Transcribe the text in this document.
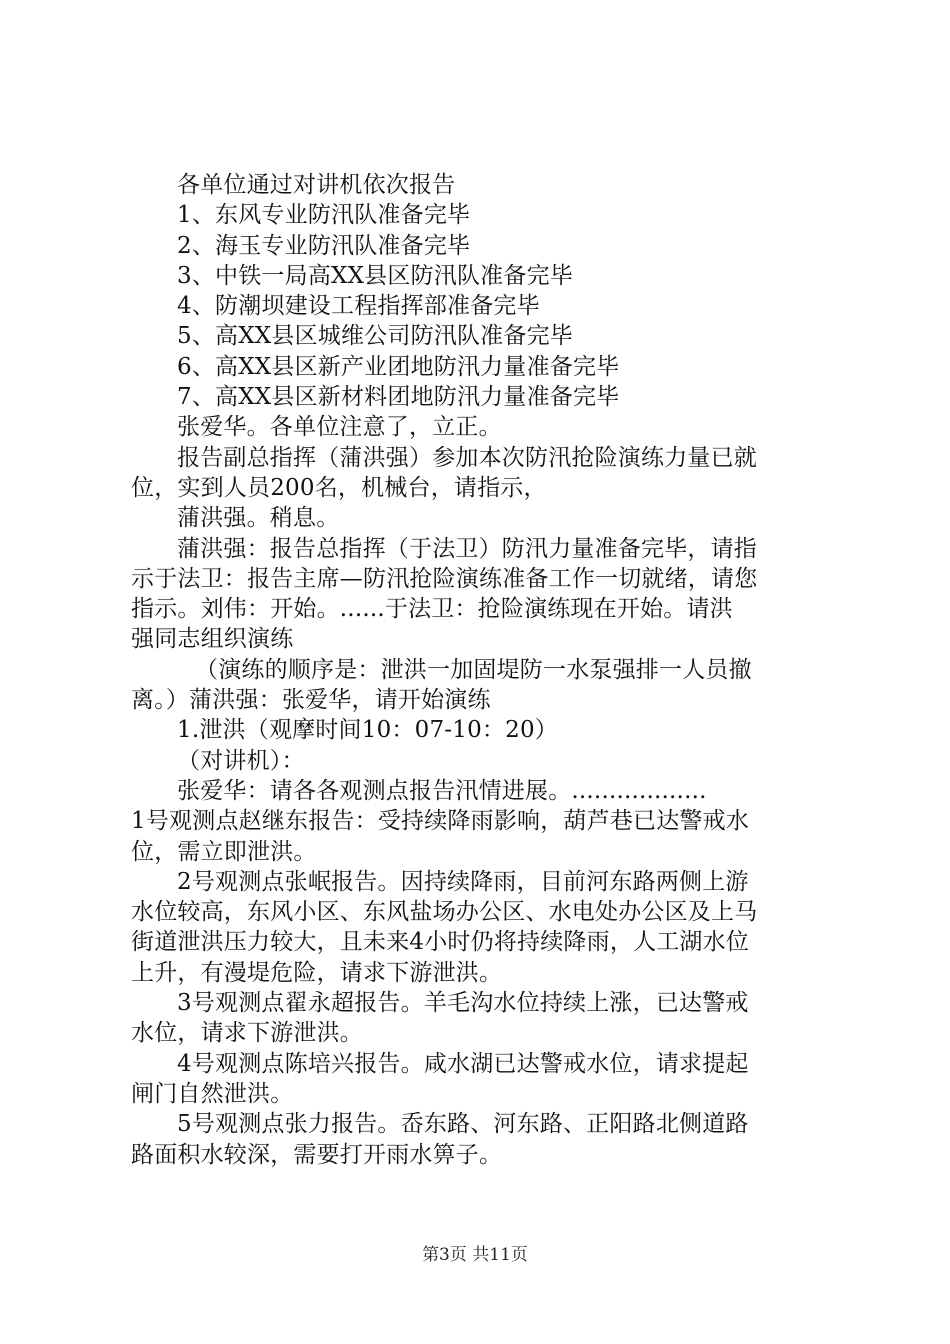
各单位通过对讲机依次报告

1、东风专业防汛队准备完毕

2、海玉专业防汛队准备完毕

3、中铁一局高XX县区防汛队准备完毕

4、防潮坝建设工程指挥部准备完毕

5、高XX县区城维公司防汛队准备完毕

6、高XX县区新产业团地防汛力量准备完毕

7、高XX县区新材料团地防汛力量准备完毕

张爱华。各单位注意了，立正。

报告副总指挥（蒲洪强）参加本次防汛抢险演练力量已就

位，实到人员200名，机械台，请指示，

蒲洪强。稍息。

蒲洪强：报告总指挥（于法卫）防汛力量准备完毕，请指

示于法卫：报告主席—防汛抢险演练准备工作一切就绪，请您

指示。刘伟：开始。......于法卫：抢险演练现在开始。请洪

强同志组织演练

（演练的顺序是：泄洪一加固堤防一水泵强排一人员撤

离。）蒲洪强：张爱华，请开始演练

1.泄洪（观摩时间10：07-10：20）

（对讲机）：

张爱华：请各各观测点报告汛情进展。..................

1号观测点赵继东报告：受持续降雨影响，葫芦巷已达警戒水

位，需立即泄洪。

2号观测点张岷报告。因持续降雨，目前河东路两侧上游

水位较高，东风小区、东风盐场办公区、水电处办公区及上马

街道泄洪压力较大，且未来4小时仍将持续降雨，人工湖水位

上升，有漫堤危险，请求下游泄洪。

3号观测点翟永超报告。羊毛沟水位持续上涨，已达警戒

水位，请求下游泄洪。

4号观测点陈培兴报告。咸水湖已达警戒水位，请求提起

闸门自然泄洪。

5号观测点张力报告。岙东路、河东路、正阳路北侧道路

路面积水较深，需要打开雨水箅子。

第3页 共11页
